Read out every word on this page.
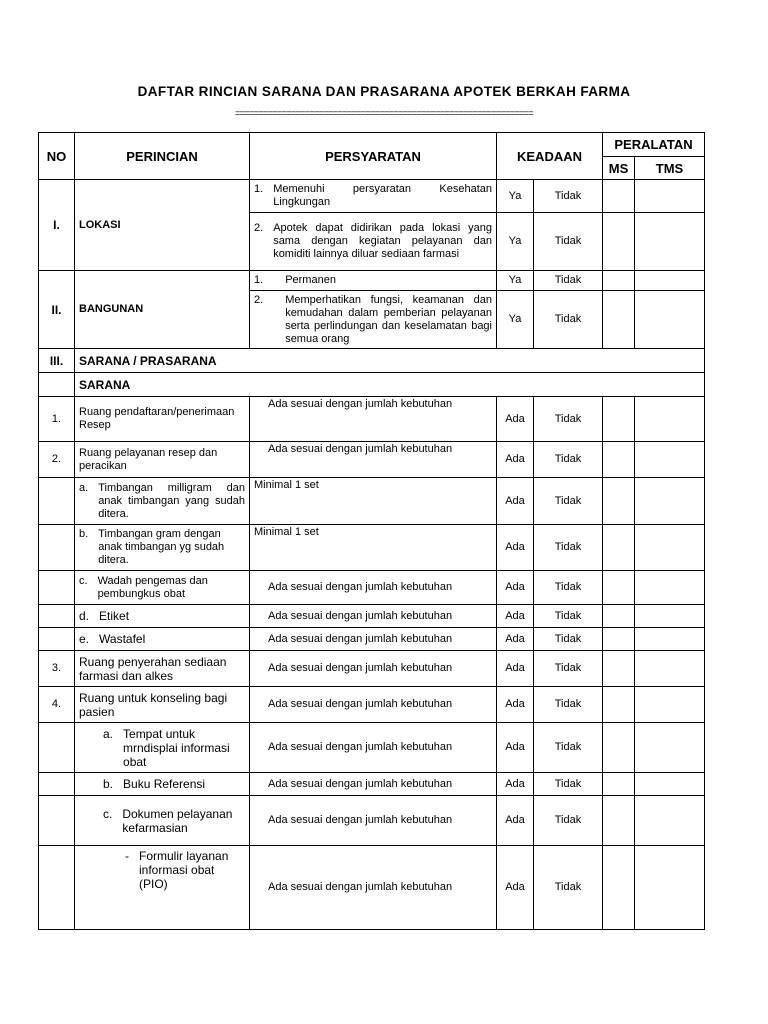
DAFTAR RINCIAN SARANA DAN PRASARANA APOTEK BERKAH FARMA
================================================================
NO	PERINCIAN	PERSYARATAN	KEADAAN		PERALATAN	
					MS	TMS
I.	LOKASI	1. Memenuhi persyaratan Kesehatan Lingkungan	Ya	Tidak		

		2. Apotek dapat didirikan pada lokasi yang sama dengan kegiatan pelayanan dan komiditi lainnya diluar sediaan farmasi	Ya	Tidak		
II.	BANGUNAN	1. Permanen	Ya	Tidak		

		2. Memperhatikan fungsi, keamanan dan kemudahan dalam pemberian pelayanan serta perlindungan dan keselamatan bagi semua orang	Ya	Tidak		
III.	SARANA / PRASARANA					
	SARANA					
1.	Ruang pendaftaran/penerimaan Resep	Ada sesuai dengan jumlah kebutuhan	Ada	Tidak		
2.	Ruang pelayanan resep dan peracikan	Ada sesuai dengan jumlah kebutuhan	Ada	Tidak		

	a. Timbangan milligram dan anak timbangan yang sudah ditera.	Minimal 1 set	Ada	Tidak		

	b. Timbangan gram dengan anak timbangan yg sudah ditera.	Minimal 1 set	Ada	Tidak		

	c. Wadah pengemas dan pembungkus obat	Ada sesuai dengan jumlah kebutuhan	Ada	Tidak		

	d. Etiket	Ada sesuai dengan jumlah kebutuhan	Ada	Tidak		

	e. Wastafel	Ada sesuai dengan jumlah kebutuhan	Ada	Tidak		
3.	Ruang penyerahan sediaan farmasi dan alkes	Ada sesuai dengan jumlah kebutuhan	Ada	Tidak		
4.	Ruang untuk konseling bagi pasien	Ada sesuai dengan jumlah kebutuhan	Ada	Tidak		

	a. Tempat untuk mrndisplai informasi obat	Ada sesuai dengan jumlah kebutuhan	Ada	Tidak		

	b. Buku Referensi	Ada sesuai dengan jumlah kebutuhan	Ada	Tidak		

	c. Dokumen pelayanan kefarmasian	Ada sesuai dengan jumlah kebutuhan	Ada	Tidak		

	- Formulir layanan informasi obat (PIO)	Ada sesuai dengan jumlah kebutuhan	Ada	Tidak		
